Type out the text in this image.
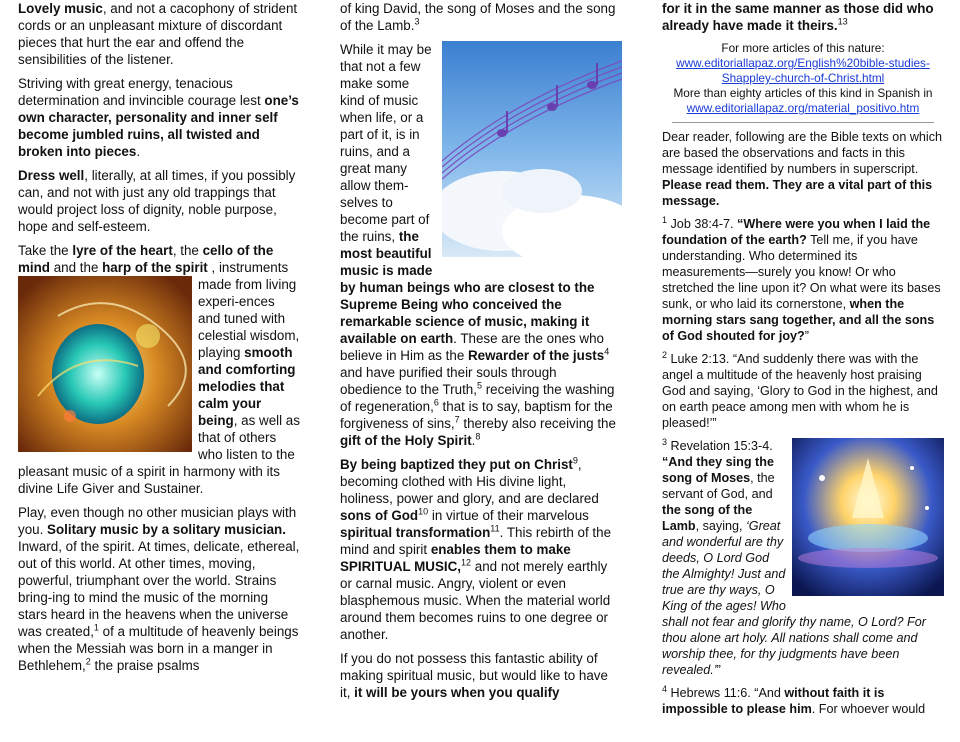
Lovely music, and not a cacophony of strident cords or an unpleasant mixture of discordant pieces that hurt the ear and offend the sensibilities of the listener.

Striving with great energy, tenacious determination and invincible courage lest one’s own character, personality and inner self become jumbled ruins, all twisted and broken into pieces.

Dress well, literally, at all times, if you possibly can, and not with just any old trappings that would project loss of dignity, noble purpose, hope and self-esteem.

Take the lyre of the heart, the cello of the mind and the harp of the spirit , instruments made from living experi-ences and tuned with celestial wisdom, playing smooth and comforting melodies that calm your being, as well as that of others who listen to the pleasant music of a spirit in harmony with its divine Life Giver and Sustainer.

Play, even though no other musician plays with you. Solitary music by a solitary musician. Inward, of the spirit. At times, delicate, ethereal, out of this world. At other times, moving, powerful, triumphant over the world. Strains bring-ing to mind the music of the morning stars heard in the heavens when the universe was created,$^1$ of a multitude of heavenly beings when the Messiah was born in a manger in Bethlehem,$^2$ the praise psalms

of king David, the song of Moses and the song of the Lamb.$^3$

While it may be that not a few make some kind of music when life, or a part of it, is in ruins, and a great many allow them-selves to become part of the ruins, the most beautiful music is made by human beings who are closest to the Supreme Being who conceived the remarkable science of music, making it available on earth. These are the ones who believe in Him as the Rewarder of the justs$^4$ and have purified their souls through obedience to the Truth,$^5$ receiving the washing of regeneration,$^6$ that is to say, baptism for the forgiveness of sins,$^7$ thereby also receiving the gift of the Holy Spirit.$^8$

By being baptized they put on Christ$^9$, becoming clothed with His divine light, holiness, power and glory, and are declared sons of God$^{10}$ in virtue of their marvelous spiritual transformation$^{11}$. This rebirth of the mind and spirit enables them to make SPIRITUAL MUSIC,$^{12}$ and not merely earthly or carnal music. Angry, violent or even blasphemous music. When the material world around them becomes ruins to one degree or another.

If you do not possess this fantastic ability of making spiritual music, but would like to have it, it will be yours when you qualify

for it in the same manner as those did who already have made it theirs.$^{13}$

For more articles of this nature:
www.editoriallapaz.org/English%20bible-studies-Shappley-church-of-Christ.html
More than eighty articles of this kind in Spanish in
www.editoriallapaz.org/material_positivo.htm

Dear reader, following are the Bible texts on which are based the observations and facts in this message identified by numbers in superscript. Please read them. They are a vital part of this message.

$^1$ Job 38:4-7. “Where were you when I laid the foundation of the earth? Tell me, if you have understanding. Who determined its measurements—surely you know! Or who stretched the line upon it? On what were its bases sunk, or who laid its cornerstone, when the morning stars sang together, and all the sons of God shouted for joy?”

$^2$ Luke 2:13. “And suddenly there was with the angel a multitude of the heavenly host praising God and saying, ‘Glory to God in the highest, and on earth peace among men with whom he is pleased!’”

$^3$ Revelation 15:3-4. “And they sing the song of Moses, the servant of God, and the song of the Lamb, saying, ‘Great and wonderful are thy deeds, O Lord God the Almighty! Just and true are thy ways, O King of the ages! Who shall not fear and glorify thy name, O Lord? For thou alone art holy. All nations shall come and worship thee, for thy judgments have been revealed.’”

$^4$ Hebrews 11:6. “And without faith it is impossible to please him. For whoever would
